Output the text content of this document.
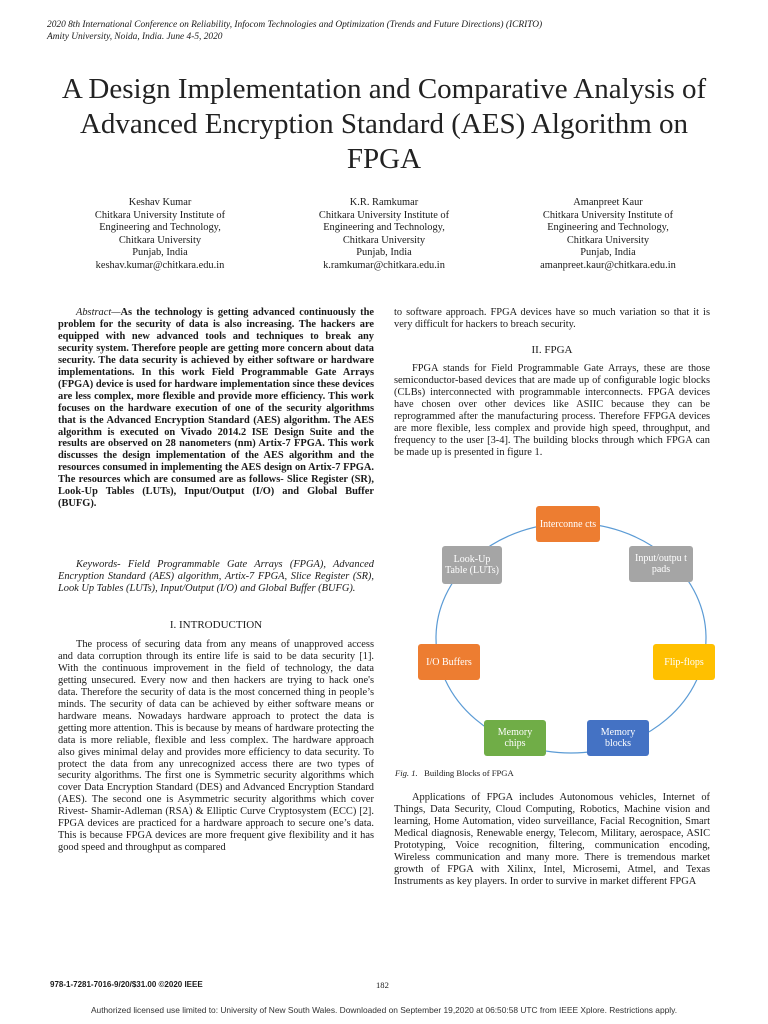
2020 8th International Conference on Reliability, Infocom Technologies and Optimization (Trends and Future Directions) (ICRITO)
Amity University, Noida, India. June 4-5, 2020
A Design Implementation and Comparative Analysis of Advanced Encryption Standard (AES) Algorithm on FPGA
Keshav Kumar
Chitkara University Institute of
Engineering and Technology,
Chitkara University
Punjab, India
keshav.kumar@chitkara.edu.in
K.R. Ramkumar
Chitkara University Institute of
Engineering and Technology,
Chitkara University
Punjab, India
k.ramkumar@chitkara.edu.in
Amanpreet Kaur
Chitkara University Institute of
Engineering and Technology,
Chitkara University
Punjab, India
amanpreet.kaur@chitkara.edu.in

Abstract—As the technology is getting advanced continuously the problem for the security of data is also increasing. The hackers are equipped with new advanced tools and techniques to break any security system. Therefore people are getting more concern about data security. The data security is achieved by either software or hardware implementations. In this work Field Programmable Gate Arrays (FPGA) device is used for hardware implementation since these devices are less complex, more flexible and provide more efficiency. This work focuses on the hardware execution of one of the security algorithms that is the Advanced Encryption Standard (AES) algorithm. The AES algorithm is executed on Vivado 2014.2 ISE Design Suite and the results are observed on 28 nanometers (nm) Artix-7 FPGA. This work discusses the design implementation of the AES algorithm and the resources consumed in implementing the AES design on Artix-7 FPGA. The resources which are consumed are as follows- Slice Register (SR), Look-Up Tables (LUTs), Input/Output (I/O) and Global Buffer (BUFG).

Keywords- Field Programmable Gate Arrays (FPGA), Advanced Encryption Standard (AES) algorithm, Artix-7 FPGA, Slice Register (SR), Look Up Tables (LUTs), Input/Output (I/O) and Global Buffer (BUFG).

I. INTRODUCTION

The process of securing data from any means of unapproved access and data corruption through its entire life is said to be data security [1]. With the continuous improvement in the field of technology, the data getting unsecured. Every now and then hackers are trying to hack one's data. Therefore the security of data is the most concerned thing in people’s minds. The security of data can be achieved by either software means or hardware means. Nowadays hardware approach to protect the data is getting more attention. This is because by means of hardware protecting the data is more reliable, flexible and less complex. The hardware approach also gives minimal delay and provides more efficiency to data security. To protect the data from any unrecognized access there are two types of security algorithms. The first one is Symmetric security algorithms which cover Data Encryption Standard (DES) and Advanced Encryption Standard (AES). The second one is Asymmetric security algorithms which cover Rivest- Shamir-Adleman (RSA) & Elliptic Curve Cryptosystem (ECC) [2]. FPGA devices are practiced for a hardware approach to secure one’s data. This is because FPGA devices are more frequent give flexibility and it has good speed and throughput as compared

to software approach. FPGA devices have so much variation so that it is very difficult for hackers to breach security.

II. FPGA

FPGA stands for Field Programmable Gate Arrays, these are those semiconductor-based devices that are made up of configurable logic blocks (CLBs) interconnected with programmable interconnects. FPGA devices have chosen over other devices like ASIIC because they can be reprogrammed after the manufacturing process. Therefore FFPGA devices are more flexible, less complex and provide high speed, throughput, and frequency to the user [3-4]. The building blocks through which FPGA can be made up is presented in figure 1.

Interconne cts
Input/outpu t pads
Flip-flops
Memory blocks
Memory chips
I/O Buffers
Look-Up Table (LUTs)
Fig. 1. Building Blocks of FPGA

Applications of FPGA includes Autonomous vehicles, Internet of Things, Data Security, Cloud Computing, Robotics, Machine vision and learning, Home Automation, video surveillance, Facial Recognition, Smart Medical diagnosis, Renewable energy, Telecom, Military, aerospace, ASIC Prototyping, Voice recognition, filtering, communication encoding, Wireless communication and many more. There is tremendous market growth of FPGA with Xilinx, Intel, Microsemi, Atmel, and Texas Instruments as key players. In order to survive in market different FPGA

978-1-7281-7016-9/20/$31.00 ©2020 IEEE	182
Authorized licensed use limited to: University of New South Wales. Downloaded on September 19,2020 at 06:50:58 UTC from IEEE Xplore. Restrictions apply.
